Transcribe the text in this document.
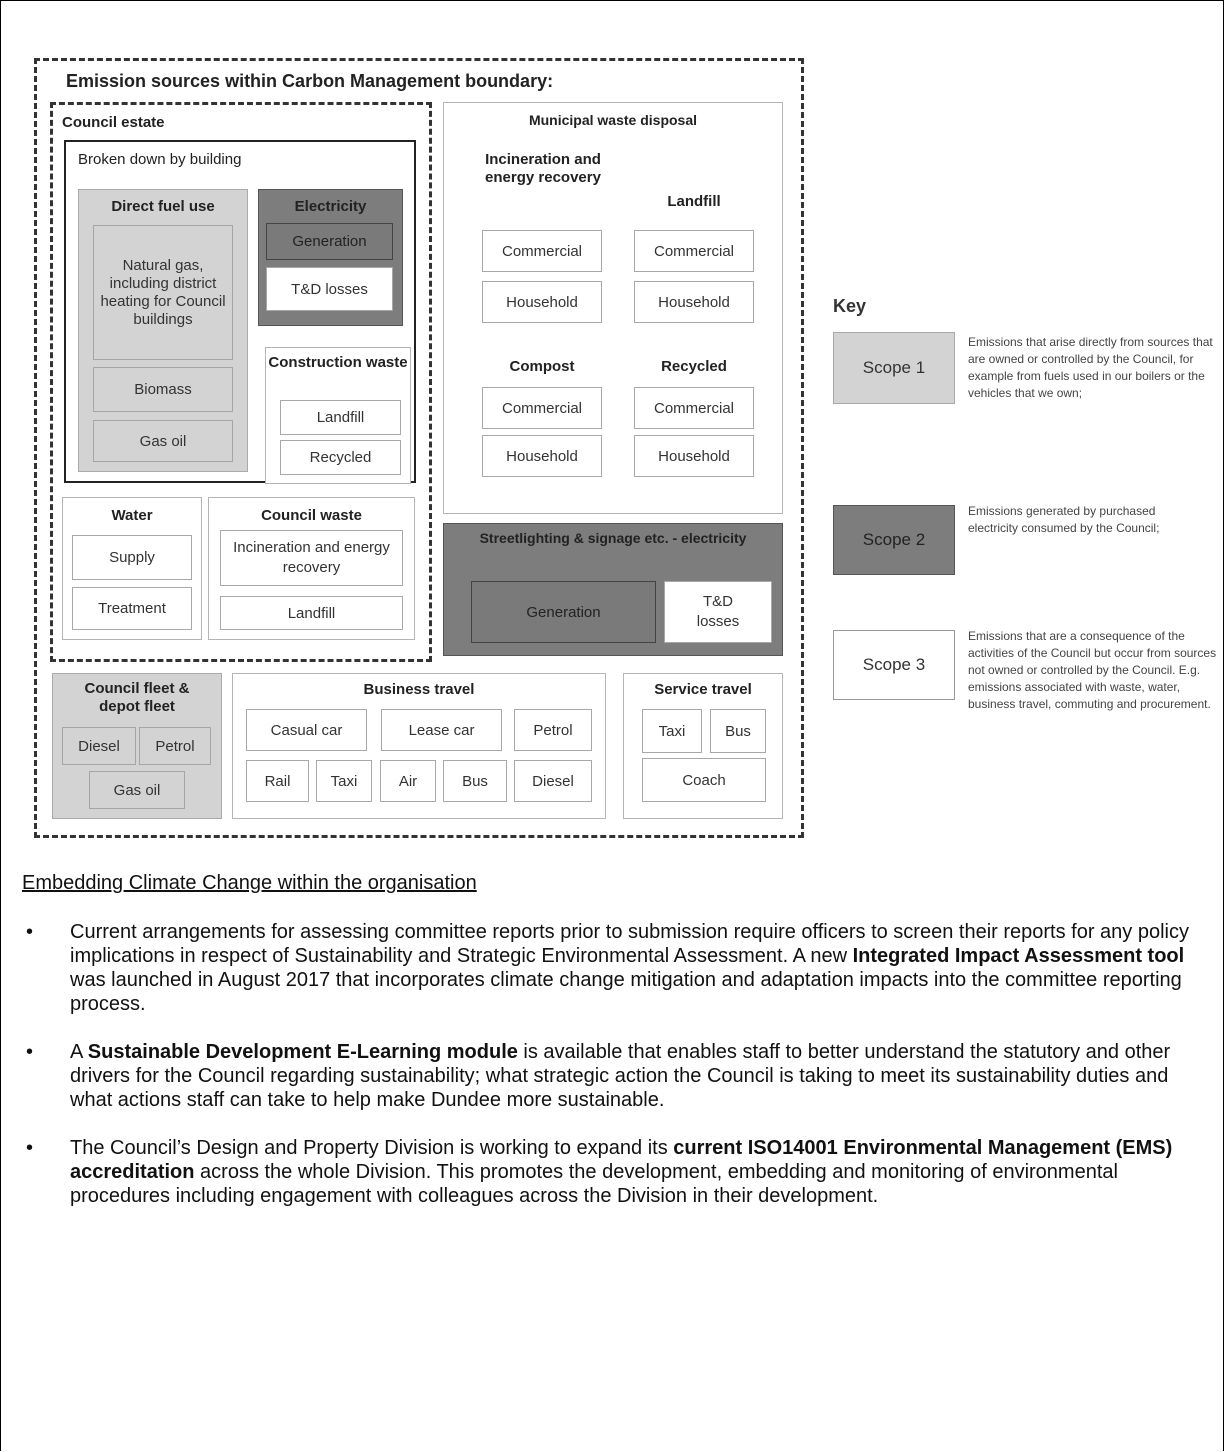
Emission sources within Carbon Management boundary:
Council estate
Broken down by building
Direct fuel use
Natural gas, including district heating for Council buildings
Biomass
Gas oil
Electricity
Generation
T&D losses
Construction waste
Landfill
Recycled
Water
Supply
Treatment
Council waste
Incineration and energy recovery
Landfill
Municipal waste disposal
Incineration and energy recovery
Landfill
Commercial	Commercial
Household	Household
Compost	Recycled
Commercial	Commercial
Household	Household
Streetlighting & signage etc. - electricity
Generation
T&D losses
Council fleet & depot fleet
Diesel	Petrol
Gas oil
Business travel
Casual car	Lease car	Petrol
Rail	Taxi	Air	Bus	Diesel
Service travel
Taxi	Bus
Coach
Key
Scope 1
Emissions that arise directly from sources that are owned or controlled by the Council, for example from fuels used in our boilers or the vehicles that we own;
Scope 2
Emissions generated by purchased electricity consumed by the Council;
Scope 3
Emissions that are a consequence of the activities of the Council but occur from sources not owned or controlled by the Council. E.g. emissions associated with waste, water, business travel, commuting and procurement.
Embedding Climate Change within the organisation
• Current arrangements for assessing committee reports prior to submission require officers to screen their reports for any policy implications in respect of Sustainability and Strategic Environmental Assessment. A new Integrated Impact Assessment tool was launched in August 2017 that incorporates climate change mitigation and adaptation impacts into the committee reporting process.
• A Sustainable Development E-Learning module is available that enables staff to better understand the statutory and other drivers for the Council regarding sustainability; what strategic action the Council is taking to meet its sustainability duties and what actions staff can take to help make Dundee more sustainable.
• The Council’s Design and Property Division is working to expand its current ISO14001 Environmental Management (EMS) accreditation across the whole Division. This promotes the development, embedding and monitoring of environmental procedures including engagement with colleagues across the Division in their development.
